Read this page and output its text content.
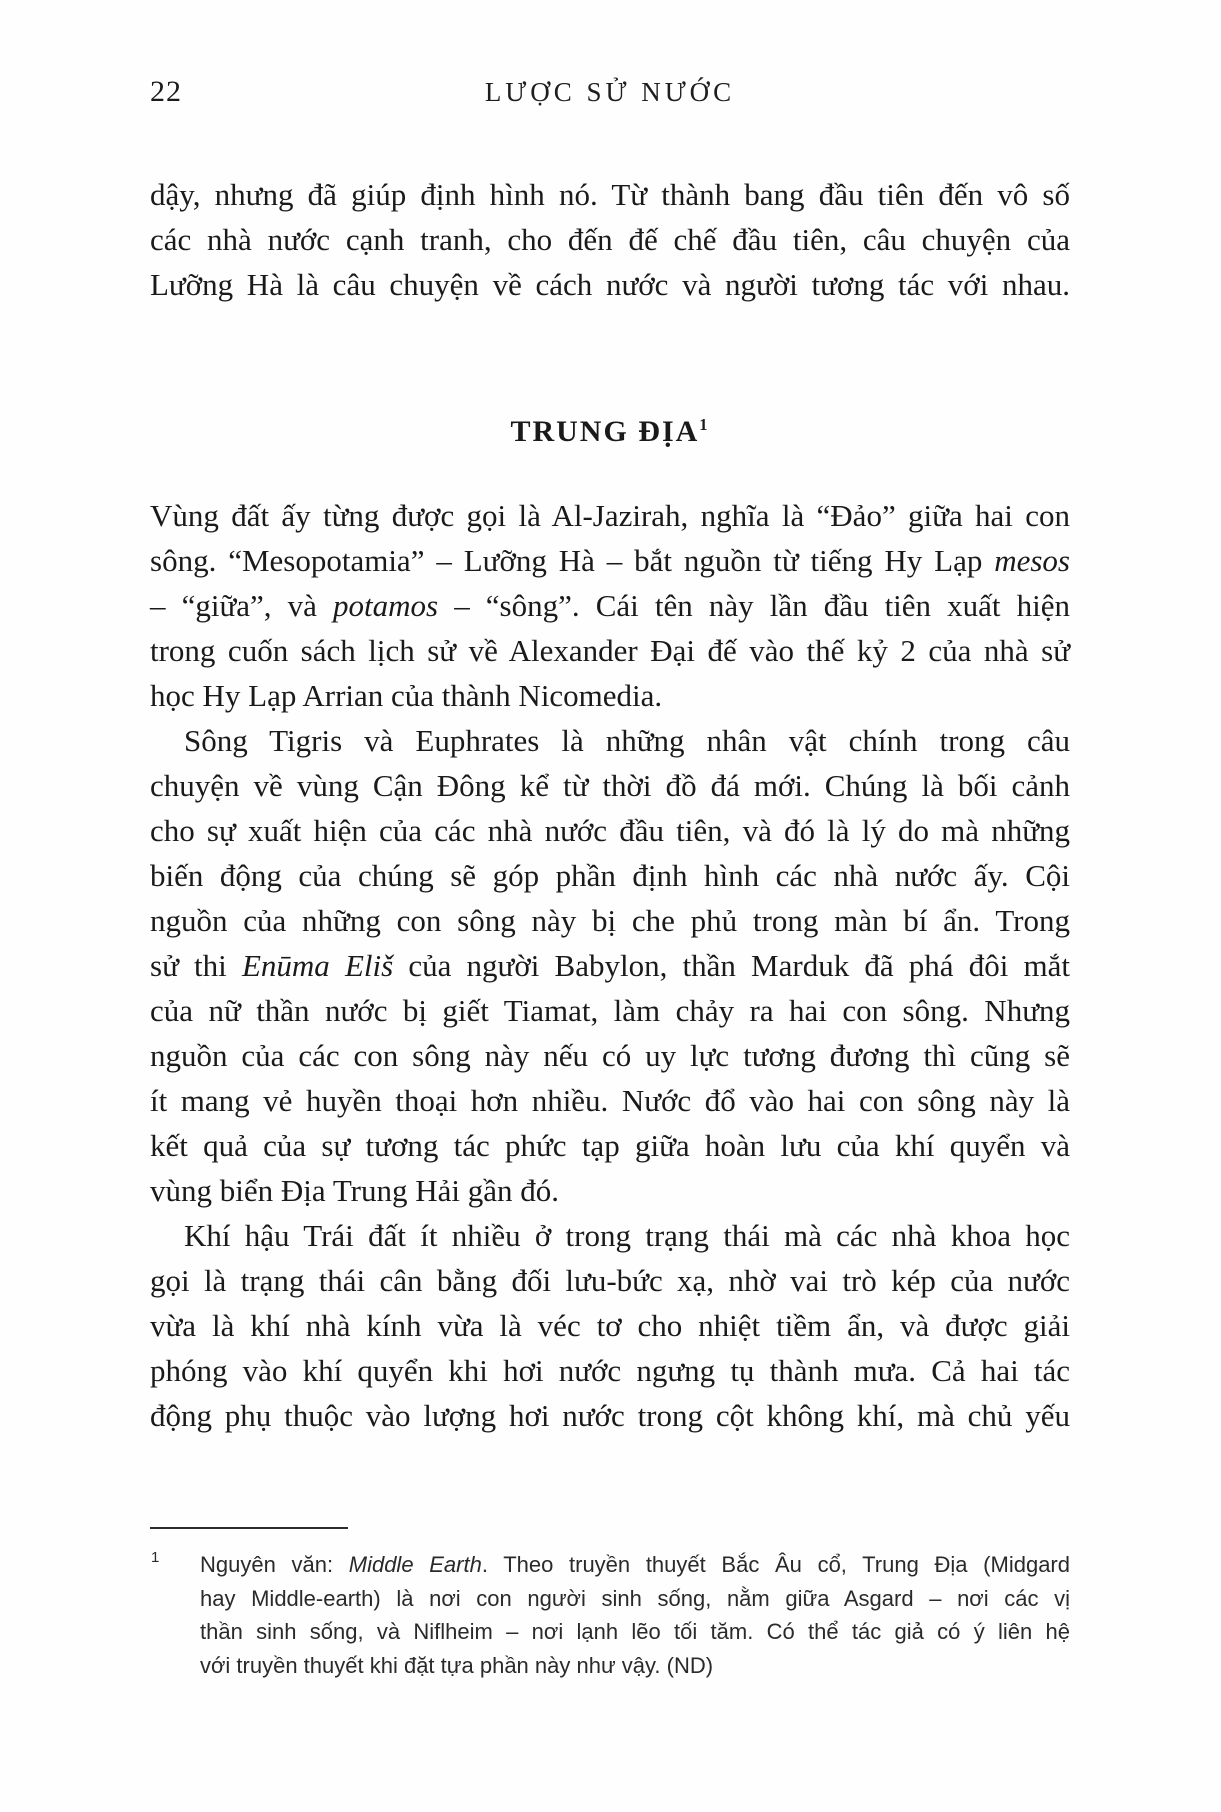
22	LƯỢC SỬ NƯỚC
dậy, nhưng đã giúp định hình nó. Từ thành bang đầu tiên đến vô số
các nhà nước cạnh tranh, cho đến đế chế đầu tiên, câu chuyện của
Lưỡng Hà là câu chuyện về cách nước và người tương tác với nhau.
TRUNG ĐỊA$^1$
Vùng đất ấy từng được gọi là Al-Jazirah, nghĩa là “Đảo” giữa hai con
sông. “Mesopotamia” – Lưỡng Hà – bắt nguồn từ tiếng Hy Lạp mesos
– “giữa”, và potamos – “sông”. Cái tên này lần đầu tiên xuất hiện
trong cuốn sách lịch sử về Alexander Đại đế vào thế kỷ 2 của nhà sử
học Hy Lạp Arrian của thành Nicomedia.
Sông Tigris và Euphrates là những nhân vật chính trong câu
chuyện về vùng Cận Đông kể từ thời đồ đá mới. Chúng là bối cảnh
cho sự xuất hiện của các nhà nước đầu tiên, và đó là lý do mà những
biến động của chúng sẽ góp phần định hình các nhà nước ấy. Cội
nguồn của những con sông này bị che phủ trong màn bí ẩn. Trong
sử thi Enūma Eliš của người Babylon, thần Marduk đã phá đôi mắt
của nữ thần nước bị giết Tiamat, làm chảy ra hai con sông. Nhưng
nguồn của các con sông này nếu có uy lực tương đương thì cũng sẽ
ít mang vẻ huyền thoại hơn nhiều. Nước đổ vào hai con sông này là
kết quả của sự tương tác phức tạp giữa hoàn lưu của khí quyển và
vùng biển Địa Trung Hải gần đó.
Khí hậu Trái đất ít nhiều ở trong trạng thái mà các nhà khoa học
gọi là trạng thái cân bằng đối lưu-bức xạ, nhờ vai trò kép của nước
vừa là khí nhà kính vừa là véc tơ cho nhiệt tiềm ẩn, và được giải
phóng vào khí quyển khi hơi nước ngưng tụ thành mưa. Cả hai tác
động phụ thuộc vào lượng hơi nước trong cột không khí, mà chủ yếu
1 Nguyên văn: Middle Earth. Theo truyền thuyết Bắc Âu cổ, Trung Địa (Midgard
hay Middle-earth) là nơi con người sinh sống, nằm giữa Asgard – nơi các vị
thần sinh sống, và Niflheim – nơi lạnh lẽo tối tăm. Có thể tác giả có ý liên hệ
với truyền thuyết khi đặt tựa phần này như vậy. (ND)
